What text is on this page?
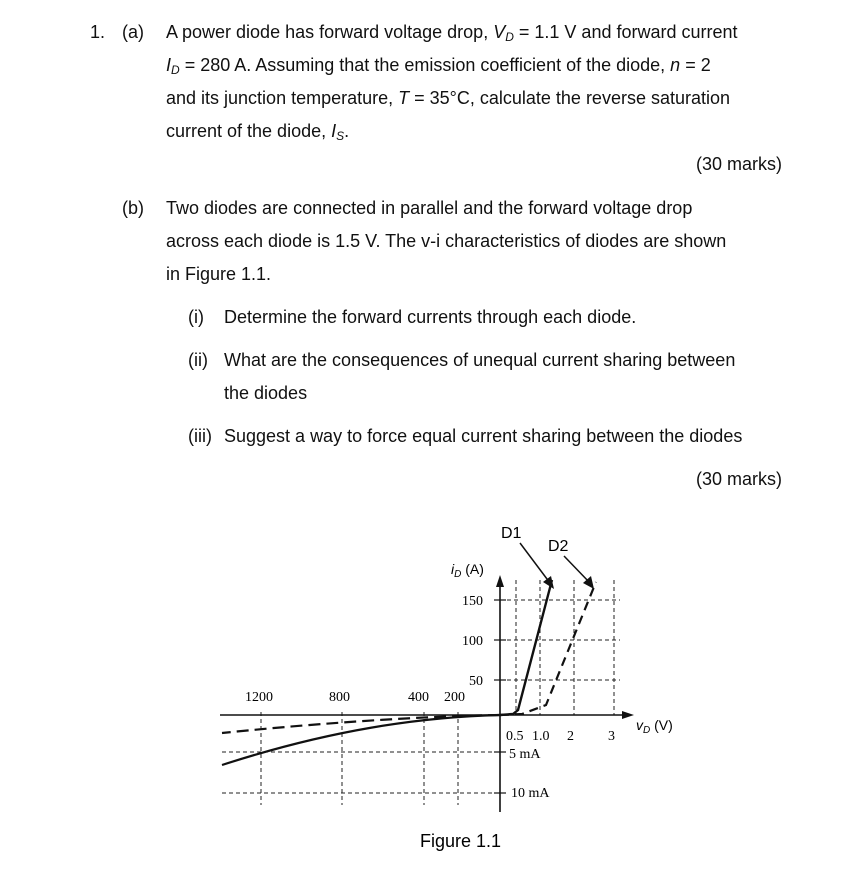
1. (a) A power diode has forward voltage drop, $V_D = 1.1$ V and forward current
$I_D = 280$ A. Assuming that the emission coefficient of the diode, n = 2
and its junction temperature, T = 35°C, calculate the reverse saturation
current of the diode, $I_S$.
(30 marks)
(b) Two diodes are connected in parallel and the forward voltage drop
across each diode is 1.5 V. The v-i characteristics of diodes are shown
in Figure 1.1.
(i) Determine the forward currents through each diode.
(ii) What are the consequences of unequal current sharing between
the diodes
(iii) Suggest a way to force equal current sharing between the diodes
(30 marks)
D1
D2
$i_D$ (A)
150
100
50
1200	800	400 200
0.5 1.0 2 3
5 mA
10 mA
$v_D$ (V)
Figure 1.1
